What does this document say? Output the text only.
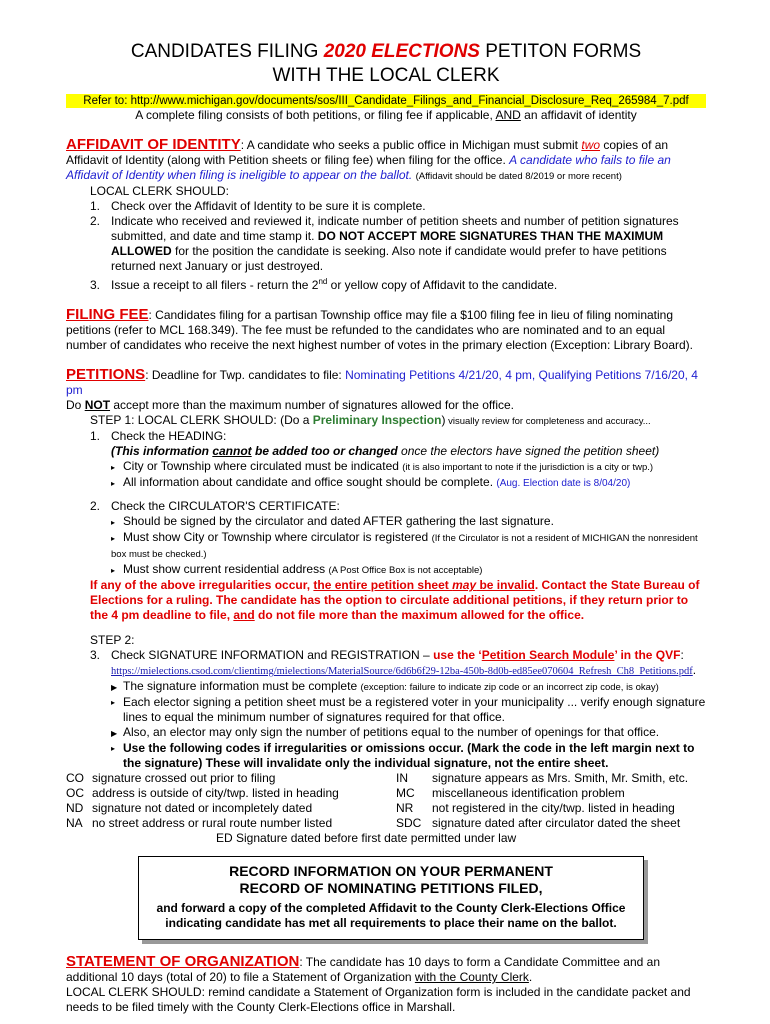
CANDIDATES FILING 2020 ELECTIONS PETITON FORMS
WITH THE LOCAL CLERK
Refer to: http://www.michigan.gov/documents/sos/III_Candidate_Filings_and_Financial_Disclosure_Req_265984_7.pdf
A complete filing consists of both petitions, or filing fee if applicable, AND an affidavit of identity
AFFIDAVIT OF IDENTITY: A candidate who seeks a public office in Michigan must submit two copies of an Affidavit of Identity (along with Petition sheets or filing fee) when filing for the office. A candidate who fails to file an Affidavit of Identity when filing is ineligible to appear on the ballot. (Affidavit should be dated 8/2019 or more recent)
LOCAL CLERK SHOULD:
1. Check over the Affidavit of Identity to be sure it is complete.
2. Indicate who received and reviewed it, indicate number of petition sheets and number of petition signatures submitted, and date and time stamp it. DO NOT ACCEPT MORE SIGNATURES THAN THE MAXIMUM ALLOWED for the position the candidate is seeking. Also note if candidate would prefer to have petitions returned next January or just destroyed.
3. Issue a receipt to all filers - return the 2nd or yellow copy of Affidavit to the candidate.
FILING FEE: Candidates filing for a partisan Township office may file a $100 filing fee in lieu of filing nominating petitions (refer to MCL 168.349). The fee must be refunded to the candidates who are nominated and to an equal number of candidates who receive the next highest number of votes in the primary election (Exception: Library Board).
PETITIONS: Deadline for Twp. candidates to file: Nominating Petitions 4/21/20, 4 pm, Qualifying Petitions 7/16/20, 4 pm
Do NOT accept more than the maximum number of signatures allowed for the office.
STEP 1: LOCAL CLERK SHOULD: (Do a Preliminary Inspection) visually review for completeness and accuracy...
1. Check the HEADING:
(This information cannot be added too or changed once the electors have signed the petition sheet)
▸ City or Township where circulated must be indicated (it is also important to note if the jurisdiction is a city or twp.)
▸ All information about candidate and office sought should be complete. (Aug. Election date is 8/04/20)
2. Check the CIRCULATOR'S CERTIFICATE:
▸ Should be signed by the circulator and dated AFTER gathering the last signature.
▸ Must show City or Township where circulator is registered (If the Circulator is not a resident of MICHIGAN the nonresident box must be checked.)
▸ Must show current residential address (A Post Office Box is not acceptable)
If any of the above irregularities occur, the entire petition sheet may be invalid. Contact the State Bureau of Elections for a ruling. The candidate has the option to circulate additional petitions, if they return prior to the 4 pm deadline to file, and do not file more than the maximum allowed for the office.
STEP 2:
3. Check SIGNATURE INFORMATION and REGISTRATION – use the ‘Petition Search Module’ in the QVF:
https://mielections.csod.com/clientimg/mielections/MaterialSource/6d6b6f29-12ba-450b-8d0b-ed85ee070604_Refresh_Ch8_Petitions.pdf.
▶ The signature information must be complete (exception: failure to indicate zip code or an incorrect zip code, is okay)
▸ Each elector signing a petition sheet must be a registered voter in your municipality ... verify enough signature lines to equal the minimum number of signatures required for that office.
▶ Also, an elector may only sign the number of petitions equal to the number of openings for that office.
▸ Use the following codes if irregularities or omissions occur. (Mark the code in the left margin next to the signature) These will invalidate only the individual signature, not the entire sheet.
CO signature crossed out prior to filing	IN signature appears as Mrs. Smith, Mr. Smith, etc.
OC address is outside of city/twp. listed in heading	MC miscellaneous identification problem
ND signature not dated or incompletely dated	NR not registered in the city/twp. listed in heading
NA no street address or rural route number listed	SDC signature dated after circulator dated the sheet
ED Signature dated before first date permitted under law
RECORD INFORMATION ON YOUR PERMANENT
RECORD OF NOMINATING PETITIONS FILED,
and forward a copy of the completed Affidavit to the County Clerk-Elections Office
indicating candidate has met all requirements to place their name on the ballot.
STATEMENT OF ORGANIZATION: The candidate has 10 days to form a Candidate Committee and an additional 10 days (total of 20) to file a Statement of Organization with the County Clerk.
LOCAL CLERK SHOULD: remind candidate a Statement of Organization form is included in the candidate packet and needs to be filed timely with the County Clerk-Elections office in Marshall.
